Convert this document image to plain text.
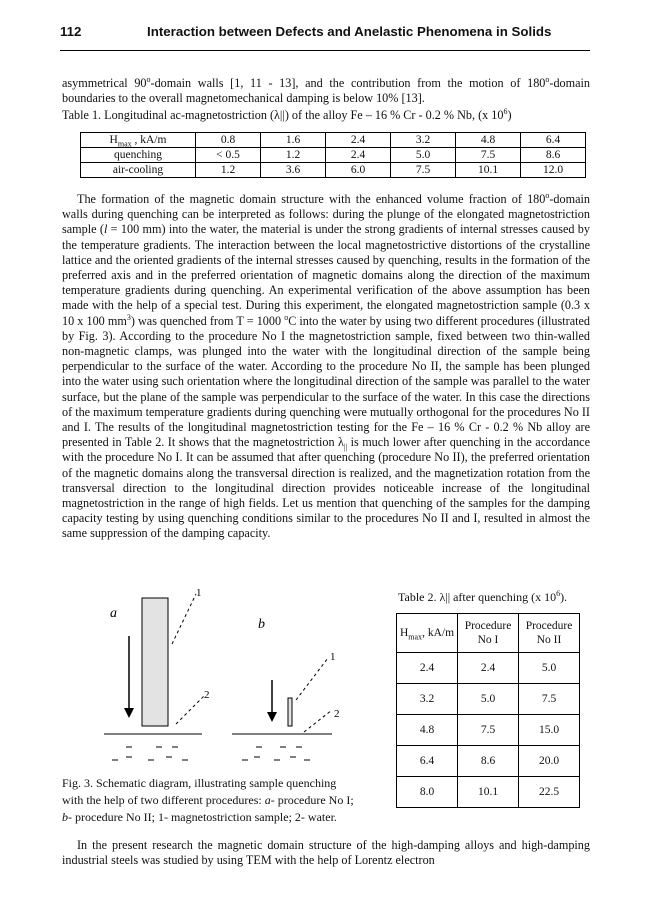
112	Interaction between Defects and Anelastic Phenomena in Solids
asymmetrical 90$^o$-domain walls [1, 11 - 13], and the contribution from the motion of 180$^o$-domain boundaries to the overall magnetomechanical damping is below 10% [13].
Table 1. Longitudinal ac-magnetostriction (λ||) of the alloy Fe – 16 % Cr - 0.2 % Nb, (x $10^6$)
$H_{max}$ , kA/m	0.8	1.6	2.4	3.2	4.8	6.4
quenching	< 0.5	1.2	2.4	5.0	7.5	8.6
air-cooling	1.2	3.6	6.0	7.5	10.1	12.0
The formation of the magnetic domain structure with the enhanced volume fraction of 180$^o$-domain walls during quenching can be interpreted as follows: during the plunge of the elongated magnetostriction sample (l = 100 mm) into the water, the material is under the strong gradients of internal stresses caused by the temperature gradients. The interaction between the local magnetostrictive distortions of the crystalline lattice and the oriented gradients of the internal stresses caused by quenching, results in the formation of the preferred axis and in the preferred orientation of magnetic domains along the direction of the maximum temperature gradients during quenching. An experimental verification of the above assumption has been made with the help of a special test. During this experiment, the elongated magnetostriction sample (0.3 x 10 x 100 $mm^3$) was quenched from T = 1000 $^o$C into the water by using two different procedures (illustrated by Fig. 3). According to the procedure No I the magnetostriction sample, fixed between two thin-walled non-magnetic clamps, was plunged into the water with the longitudinal direction of the sample being perpendicular to the surface of the water. According to the procedure No II, the sample has been plunged into the water using such orientation where the longitudinal direction of the sample was parallel to the water surface, but the plane of the sample was perpendicular to the surface of the water. In this case the directions of the maximum temperature gradients during quenching were mutually orthogonal for the procedures No II and I. The results of the longitudinal magnetostriction testing for the Fe – 16 % Cr - 0.2 % Nb alloy are presented in Table 2. It shows that the magnetostriction $\lambda_{||}$ is much lower after quenching in the accordance with the procedure No I. It can be assumed that after quenching (procedure No II), the preferred orientation of the magnetic domains along the transversal direction is realized, and the magnetization rotation from the transversal direction to the longitudinal direction provides noticeable increase of the longitudinal magnetostriction in the range of high fields. Let us mention that quenching of the samples for the damping capacity testing by using quenching conditions similar to the procedures No II and I, resulted in almost the same suppression of the damping capacity.
a
1
2
b
1
2
Fig. 3. Schematic diagram, illustrating sample quenching
with the help of two different procedures: a- procedure No I;
b- procedure No II; 1- magnetostriction sample; 2- water.
Table 2. λ|| after quenching (x $10^6$).
$H_{max}$, kA/m	Procedure No I	Procedure No II
2.4	2.4	5.0
3.2	5.0	7.5
4.8	7.5	15.0
6.4	8.6	20.0
8.0	10.1	22.5
In the present research the magnetic domain structure of the high-damping alloys and high-damping industrial steels was studied by using TEM with the help of Lorentz electron
